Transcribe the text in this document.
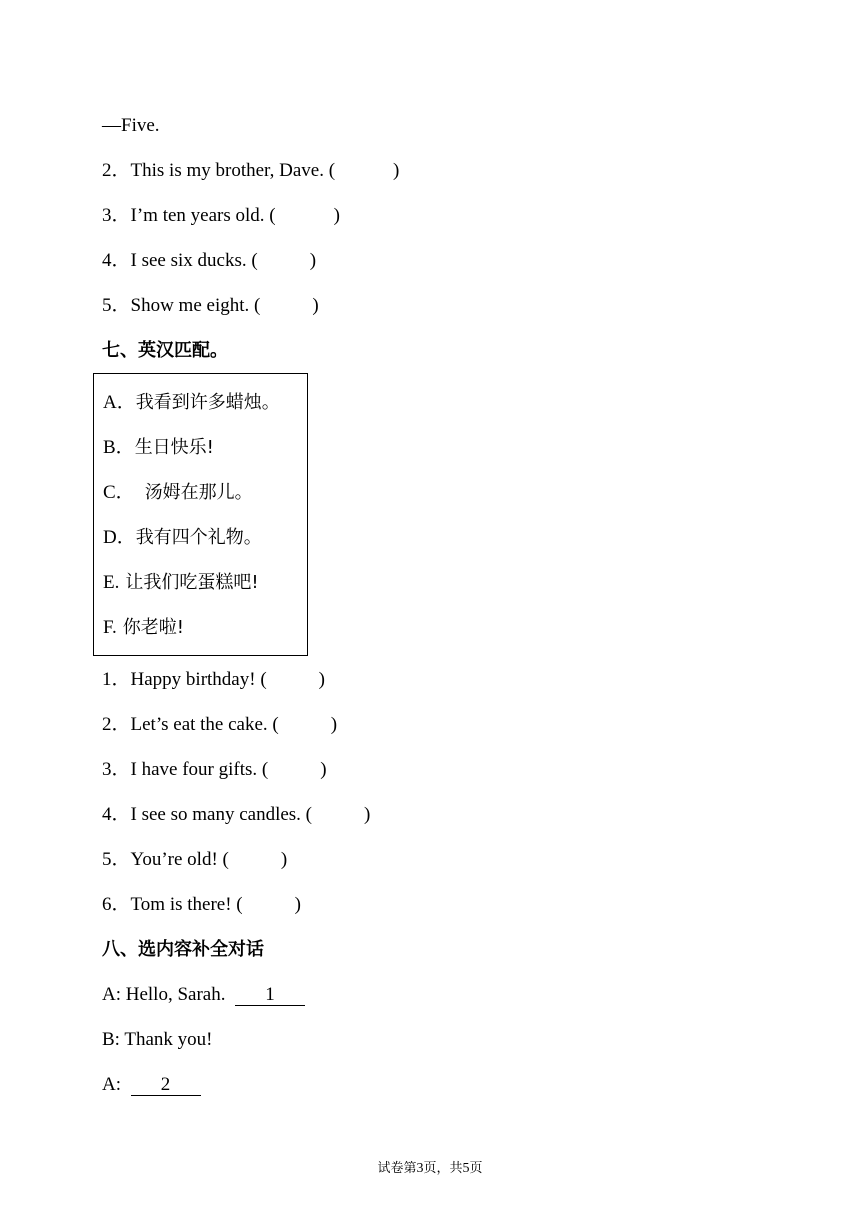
—Five.
2．This is my brother, Dave. (	)
3．I’m ten years old. (	)
4．I see six ducks. (	)
5．Show me eight. (	)
七、英汉匹配。
A．我看到许多蜡烛。
B．生日快乐!
C． 汤姆在那儿。
D．我有四个礼物。
E. 让我们吃蛋糕吧!
F. 你老啦!
1．Happy birthday! (	)
2．Let’s eat the cake. (	)
3．I have four gifts. (	)
4．I see so many candles. (	)
5．You’re old! (	)
6．Tom is there! (	)
八、选内容补全对话
A: Hello, Sarah. 1
B: Thank you!
A: 2
试卷第3页，共5页
